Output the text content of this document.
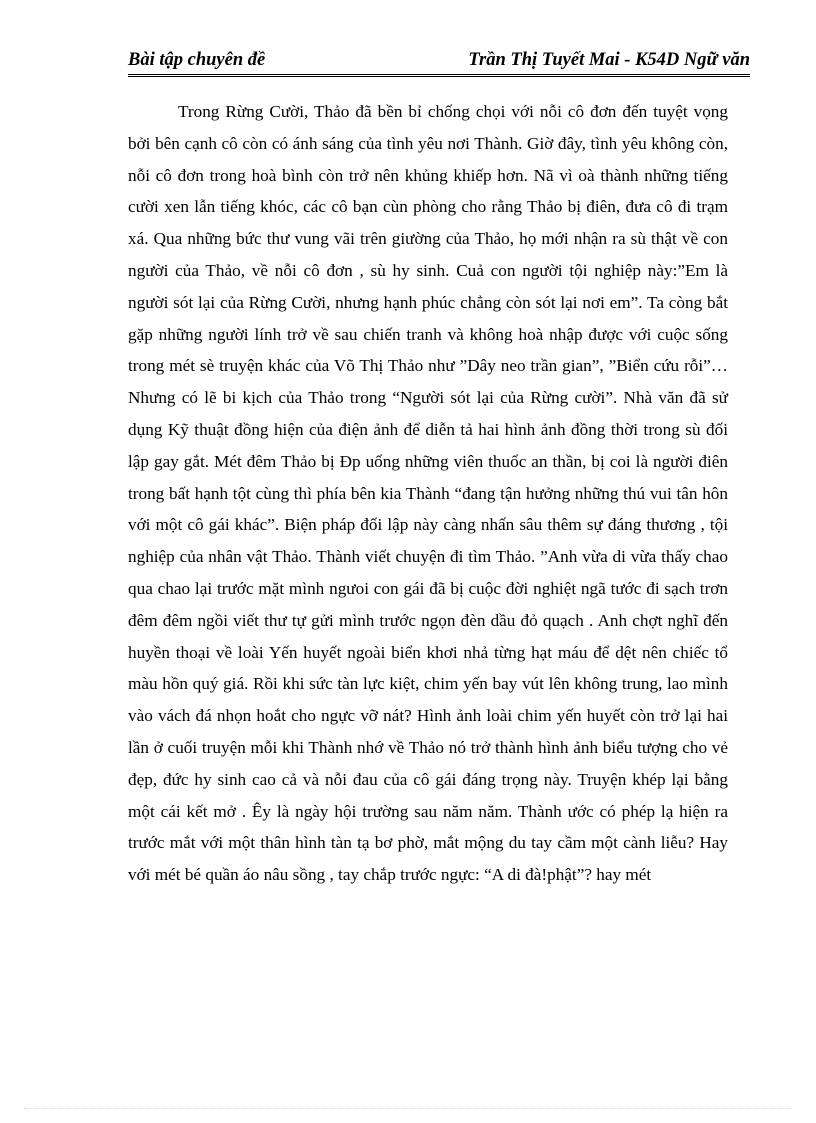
Bài tập chuyên đề	Trần Thị Tuyết Mai - K54D Ngữ văn

Trong Rừng Cười, Thảo đã bền bỉ chống chọi với nỗi cô đơn đến tuyệt vọng bởi bên cạnh cô còn có ánh sáng của tình yêu nơi Thành. Giờ đây, tình yêu không còn, nỗi cô đơn trong hoà bình còn trở nên khủng khiếp hơn. Nã vì oà thành những tiếng cười xen lẫn tiếng khóc, các cô bạn cùn phòng cho rằng Thảo bị điên, đưa cô đi trạm xá. Qua những bức thư vung vãi trên giường của Thảo, họ mới nhận ra sù thật về con người của Thảo, về nỗi cô đơn , sù hy sinh. Cuả con người tội nghiệp này:”Em là người sót lại của Rừng Cười, nhưng hạnh phúc chẳng còn sót lại nơi em”. Ta còng bắt gặp những người lính trở về sau chiến tranh và không hoà nhập được với cuộc sống trong mét sè truyện khác của Võ Thị Thảo như ”Dây neo trần gian”, ”Biển cứu rỗi”…Nhưng có lẽ bi kịch của Thảo trong “Người sót lại của Rừng cười”. Nhà văn đã sử dụng Kỹ thuật đồng hiện của điện ảnh để diễn tả hai hình ảnh đồng thời trong sù đối lập gay gắt. Mét đêm Thảo bị Ðp uống những viên thuốc an thần, bị coi là người điên trong bất hạnh tột cùng thì phía bên kia Thành “đang tận hưởng những thú vui tân hôn với một cô gái khác”. Biện pháp đối lập này càng nhấn sâu thêm sự đáng thương , tội nghiệp của nhân vật Thảo. Thành viết chuyện đi tìm Thảo. ”Anh vừa di vừa thấy chao qua chao lại trước mặt mình ngưoi con gái đã bị cuộc đời nghiệt ngã tước đi sạch trơn đêm đêm ngồi viết thư tự gửi mình trước ngọn đèn dầu đỏ quạch . Anh chợt nghĩ đến huyền thoại về loài Yến huyết ngoài biển khơi nhả từng hạt máu để dệt nên chiếc tổ màu hồn quý giá. Rồi khi sức tàn lực kiệt, chim yến bay vút lên không trung, lao mình vào vách đá nhọn hoắt cho ngực vỡ nát? Hình ảnh loài chim yến huyết còn trở lại hai lần ở cuối truyện mỗi khi Thành nhớ về Thảo nó trở thành hình ảnh biểu tượng cho vẻ đẹp, đức hy sinh cao cả và nỗi đau của cô gái đáng trọng này. Truyện khép lại bằng một cái kết mở . Êy là ngày hội trường sau năm năm. Thành ước có phép lạ hiện ra trước mắt với một thân hình tàn tạ bơ phờ, mắt mộng du tay cầm một cành liễu? Hay với mét bé quần áo nâu sồng , tay chắp trước ngực: “A di đà!phật”? hay mét
